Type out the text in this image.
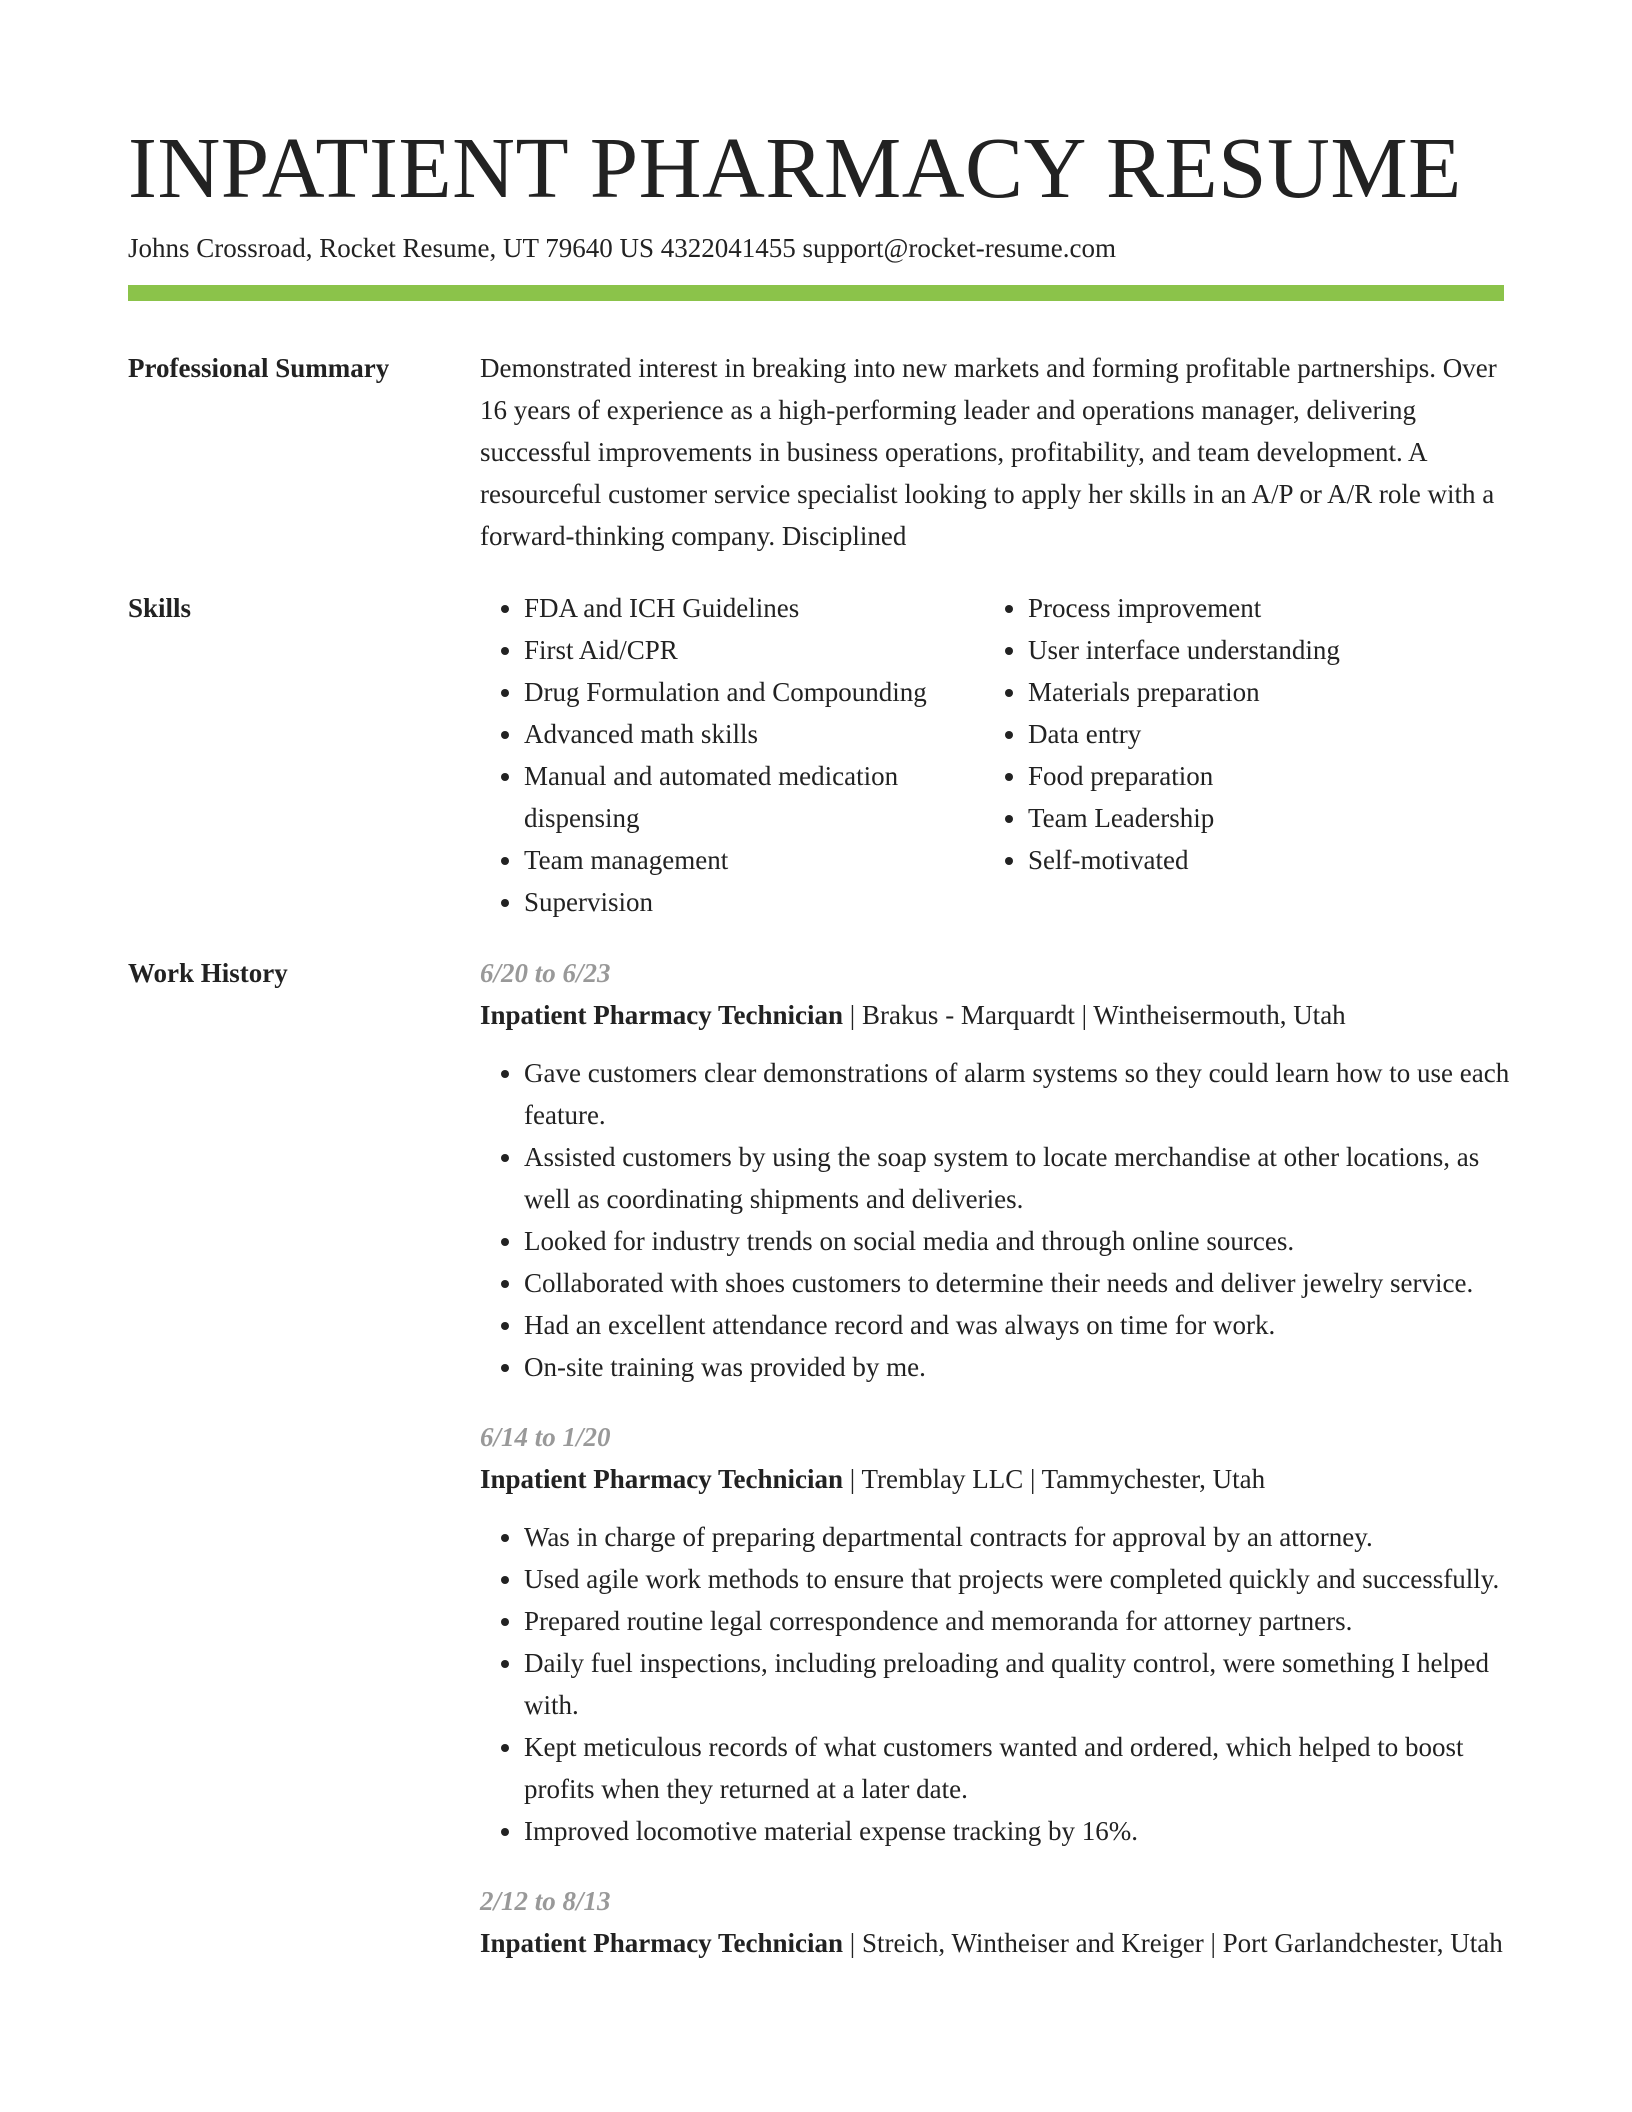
INPATIENT PHARMACY RESUME
Johns Crossroad, Rocket Resume, UT 79640 US 4322041455 support@rocket-resume.com
Professional Summary	Demonstrated interest in breaking into new markets and forming profitable partnerships. Over 16 years of experience as a high-performing leader and operations manager, delivering successful improvements in business operations, profitability, and team development. A resourceful customer service specialist looking to apply her skills in an A/P or A/R role with a forward-thinking company. Disciplined

Skills
•	FDA and ICH Guidelines
• First Aid/CPR
• Drug Formulation and Compounding
• Advanced math skills
• Manual and automated medication dispensing
• Team management
• Supervision
• Process improvement
• User interface understanding
• Materials preparation
• Data entry
• Food preparation
• Team Leadership
• Self-motivated
Work History	6/20 to 6/23
Inpatient Pharmacy Technician | Brakus - Marquardt | Wintheisermouth, Utah
• Gave customers clear demonstrations of alarm systems so they could learn how to use each feature.
• Assisted customers by using the soap system to locate merchandise at other locations, as well as coordinating shipments and deliveries.
• Looked for industry trends on social media and through online sources.
• Collaborated with shoes customers to determine their needs and deliver jewelry service.
• Had an excellent attendance record and was always on time for work.
• On-site training was provided by me.
6/14 to 1/20
Inpatient Pharmacy Technician | Tremblay LLC | Tammychester, Utah
• Was in charge of preparing departmental contracts for approval by an attorney.
• Used agile work methods to ensure that projects were completed quickly and successfully.
• Prepared routine legal correspondence and memoranda for attorney partners.
• Daily fuel inspections, including preloading and quality control, were something I helped with.
• Kept meticulous records of what customers wanted and ordered, which helped to boost profits when they returned at a later date.
• Improved locomotive material expense tracking by 16%.
2/12 to 8/13
Inpatient Pharmacy Technician | Streich, Wintheiser and Kreiger | Port Garlandchester, Utah
